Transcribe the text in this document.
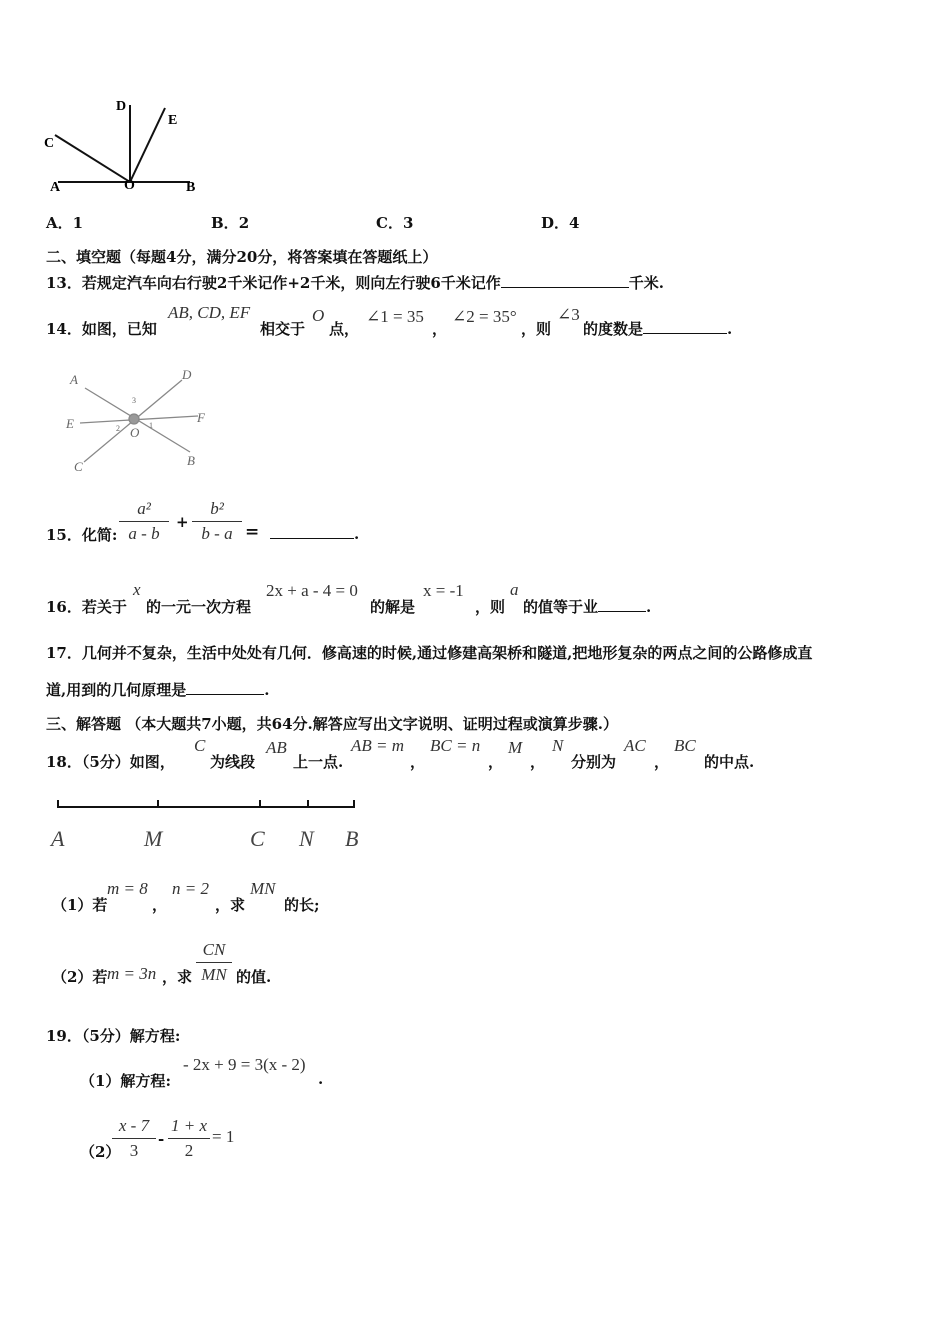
D
E
C
A	O	B
A．1	B．2	C．3	D．4
二、填空题（每题4分，满分20分，将答案填在答题纸上）
13．若规定汽车向右行驶2千米记作+2千米，则向左行驶6千米记作	千米.
14．如图，已知
AB, CD, EF
相交于
O
点，
∠1 = 35
，
∠2 = 35°
，则
∠3
的度数是	.
A	D
E	F
C	B
O 1
2
3
15．化简:
a²
a - b
+
b²
b - a =	.
16．若关于
x
的一元一次方程
2x + a - 4 = 0
的解是
x = -1
，则
a
的值等于业	.
17．几何并不复杂，生活中处处有几何．修高速的时候,通过修建高架桥和隧道,把地形复杂的两点之间的公路修成直
道,用到的几何原理是	.
三、解答题 （本大题共7小题，共64分.解答应写出文字说明、证明过程或演算步骤.）
18．（5分）如图，
C
为线段
AB
上一点.
AB = m
，
BC = n
，
M
，
N
分别为
AC
，
BC
的中点.
A	M	C N B
（1）若
m = 8
，
n = 2
，求
MN
的长;
（2）若 m = 3n ，求
CN
MN 的值.
19．（5分）解方程:
（1）解方程:
- 2x + 9 = 3(x - 2)
.
（2）
x - 7
3
-
1 + x
2
= 1
